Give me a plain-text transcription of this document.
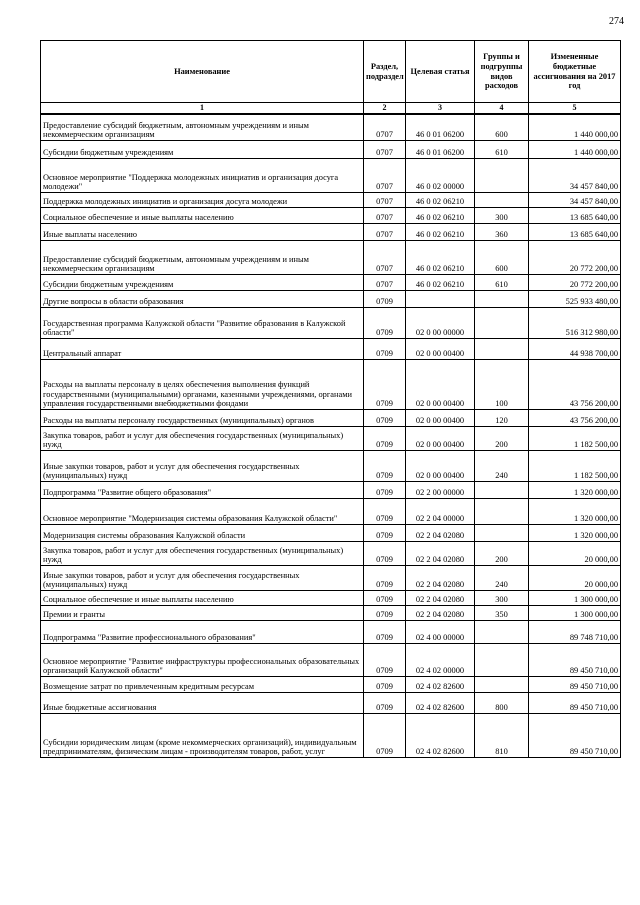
274
Наименование	Раздел, подраздел	Целевая статья	Группы и подгруппы видов расходов	Измененные бюджетные ассигнования на 2017 год
1	2	3	4	5
Предоставление субсидий бюджетным, автономным учреждениям и иным некоммерческим организациям	0707	46 0 01 06200	600	1 440 000,00
Субсидии бюджетным учреждениям	0707	46 0 01 06200	610	1 440 000,00
Основное мероприятие "Поддержка молодежных инициатив и организация досуга молодежи"	0707	46 0 02 00000		34 457 840,00
Поддержка молодежных инициатив и организация досуга молодежи	0707	46 0 02 06210		34 457 840,00
Социальное обеспечение и иные выплаты населению	0707	46 0 02 06210	300	13 685 640,00
Иные выплаты населению	0707	46 0 02 06210	360	13 685 640,00
Предоставление субсидий бюджетным, автономным учреждениям и иным некоммерческим организациям	0707	46 0 02 06210	600	20 772 200,00
Субсидии бюджетным учреждениям	0707	46 0 02 06210	610	20 772 200,00
Другие вопросы в области образования	0709			525 933 480,00
Государственная программа Калужской области "Развитие образования в Калужской области"	0709	02 0 00 00000		516 312 980,00
Центральный аппарат	0709	02 0 00 00400		44 938 700,00
Расходы на выплаты персоналу в целях обеспечения выполнения функций государственными (муниципальными) органами, казенными учреждениями, органами управления государственными внебюджетными фондами	0709	02 0 00 00400	100	43 756 200,00
Расходы на выплаты персоналу государственных (муниципальных) органов	0709	02 0 00 00400	120	43 756 200,00
Закупка товаров, работ и услуг для обеспечения государственных (муниципальных) нужд	0709	02 0 00 00400	200	1 182 500,00
Иные закупки товаров, работ и услуг для обеспечения государственных (муниципальных) нужд	0709	02 0 00 00400	240	1 182 500,00
Подпрограмма "Развитие общего образования"	0709	02 2 00 00000		1 320 000,00
Основное мероприятие "Модернизация системы образования Калужской области"	0709	02 2 04 00000		1 320 000,00
Модернизация системы образования Калужской области	0709	02 2 04 02080		1 320 000,00
Закупка товаров, работ и услуг для обеспечения государственных (муниципальных) нужд	0709	02 2 04 02080	200	20 000,00
Иные закупки товаров, работ и услуг для обеспечения государственных (муниципальных) нужд	0709	02 2 04 02080	240	20 000,00
Социальное обеспечение и иные выплаты населению	0709	02 2 04 02080	300	1 300 000,00
Премии и гранты	0709	02 2 04 02080	350	1 300 000,00
Подпрограмма "Развитие профессионального образования"	0709	02 4 00 00000		89 748 710,00
Основное мероприятие "Развитие инфраструктуры профессиональных образовательных организаций Калужской области"	0709	02 4 02 00000		89 450 710,00
Возмещение затрат по привлеченным кредитным ресурсам	0709	02 4 02 82600		89 450 710,00
Иные бюджетные ассигнования	0709	02 4 02 82600	800	89 450 710,00
Субсидии юридическим лицам (кроме некоммерческих организаций), индивидуальным предпринимателям, физическим лицам - производителям товаров, работ, услуг	0709	02 4 02 82600	810	89 450 710,00
